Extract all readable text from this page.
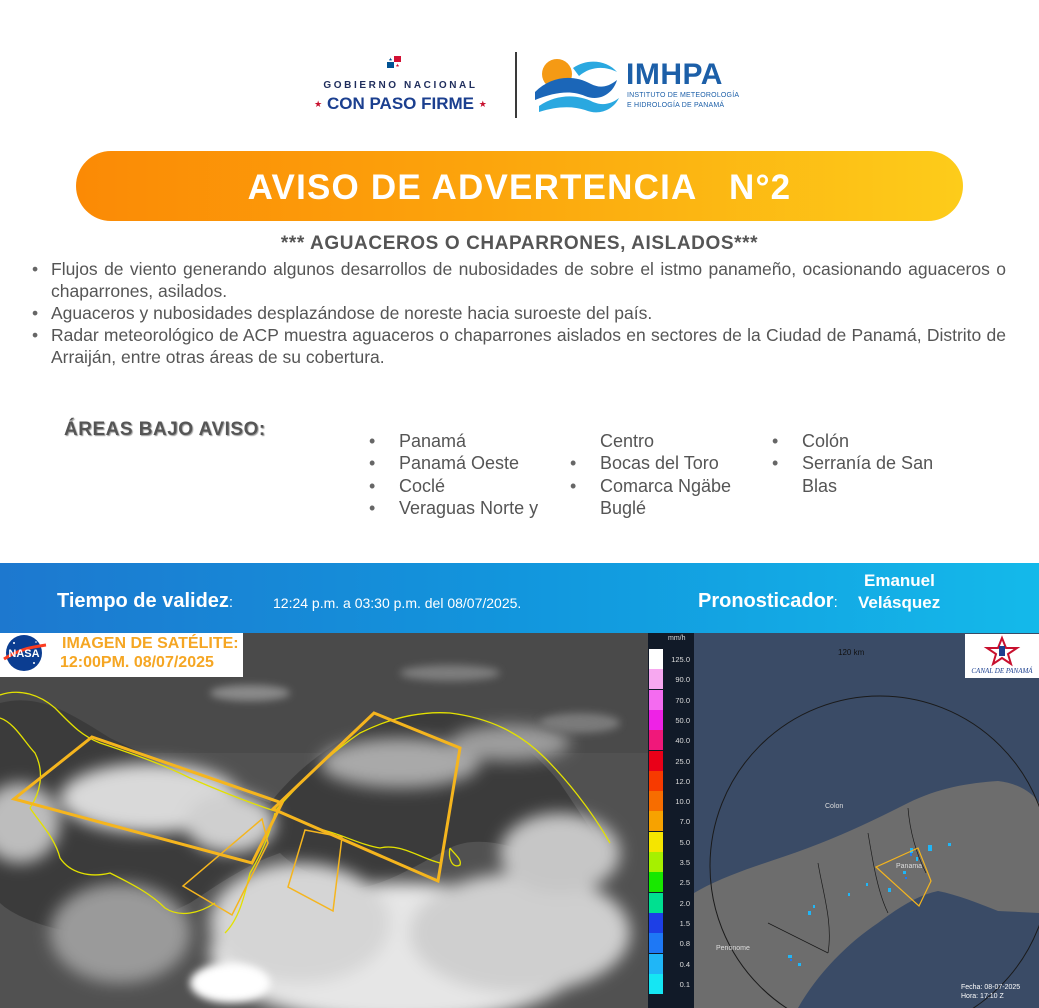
GOBIERNO NACIONAL
★ CON PASO FIRME ★
IMHPA
INSTITUTO DE METEOROLOGÍA
E HIDROLOGÍA DE PANAMÁ
AVISO DE ADVERTENCIA   N°2
*** AGUACEROS O CHAPARRONES, AISLADOS***
• Flujos de viento generando algunos desarrollos de nubosidades de sobre el istmo panameño, ocasionando aguaceros o chaparrones, asilados.
• Aguaceros y nubosidades desplazándose de noreste hacia suroeste del país.
• Radar meteorológico de ACP muestra aguaceros o chaparrones aislados en sectores de la Ciudad de Panamá, Distrito de Arraiján, entre otras áreas de su cobertura.
ÁREAS BAJO AVISO:
• Panamá
• Panamá Oeste
• Coclé
• Veraguas Norte y
Centro
• Bocas del Toro
• Comarca Ngäbe
Buglé
• Colón
• Serranía de San
Blas
Tiempo de validez:	12:24 p.m. a 03:30 p.m. del 08/07/2025.	Pronosticador:
Emanuel
Velásquez
NASA
IMAGEN DE SATÉLITE:
12:00PM. 08/07/2025
mm/h
125.0
90.0
70.0
50.0
40.0
25.0
12.0
10.0
7.0
5.0
3.5
2.5
2.0
1.5
0.8
0.4
0.1
120 km
CANAL DE PANAMÁ
Colon
Panama
Penonome
Fecha: 08-07-2025
Hora: 17:10 Z
